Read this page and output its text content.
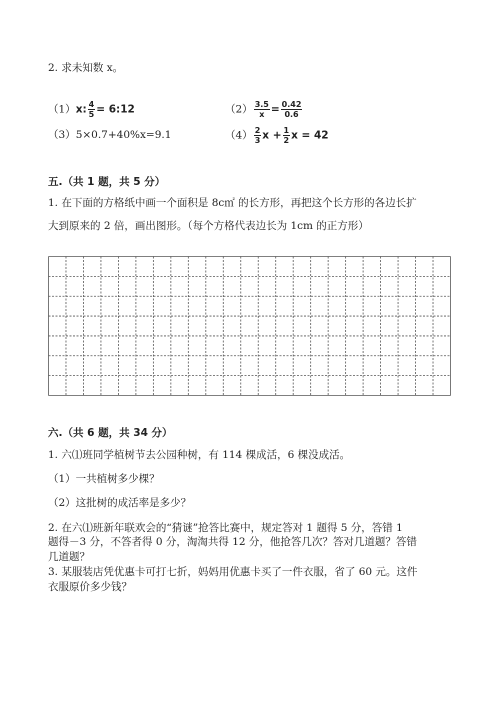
2. 求未知数 x。
（1）x: $\frac{4}{5}$ = 6:12	$(2) \frac{3.5}{x} = \frac{0.42}{0.6}$
（3）5×0.7+40%x=9.1	$(4) \frac{2}{3}$ $x + \frac{1}{2}$ x = 42
五.（共 1 题，共 5 分）
1. 在下面的方格纸中画一个面积是 8c㎡ 的长方形，再把这个长方形的各边长扩
大到原来的 2 倍，画出图形。（每个方格代表边长为 1cm 的正方形）
六.（共 6 题，共 34 分）
1. 六⑴班同学植树节去公园种树，有 114 棵成活，6 棵没成活。
（1）一共植树多少棵？
（2）这批树的成活率是多少？
2. 在六⑴班新年联欢会的“猜谜”抢答比赛中，规定答对 1 题得 5 分，答错 1
题得－3 分，不答者得 0 分，淘淘共得 12 分，他抢答几次？答对几道题？答错
几道题？
3. 某服装店凭优惠卡可打七折，妈妈用优惠卡买了一件衣服，省了 60 元。这件
衣服原价多少钱？
